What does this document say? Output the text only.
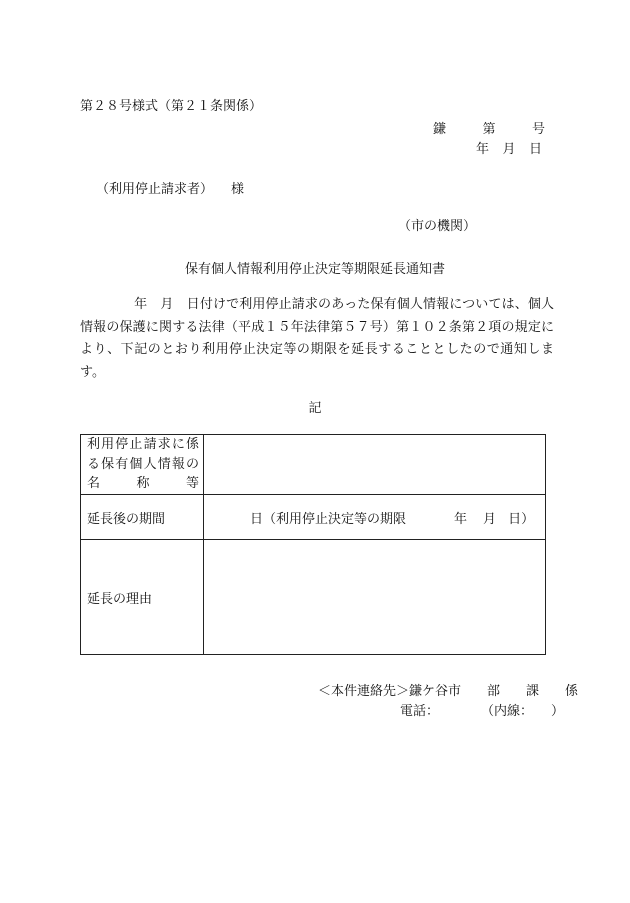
第２８号様式（第２１条関係）
鎌	第	号
年 月 日
（利用停止請求者） 様
（市の機関）
保有個人情報利用停止決定等期限延長通知書
年　月　日付けで利用停止請求のあった保有個人情報については、個人情報の保護に関する法律（平成１５年法律第５７号）第１０２条第２項の規定により、下記のとおり利用停止決定等の期限を延長することとしたので通知します。
記
利用停止請求に係る保有個人情報の名称等	

延長後の期間	日（利用停止決定等の期限 年 月 日）
延長の理由	
＜本件連絡先＞鎌ケ谷市 部 課 係
電話：	（内線： ）
